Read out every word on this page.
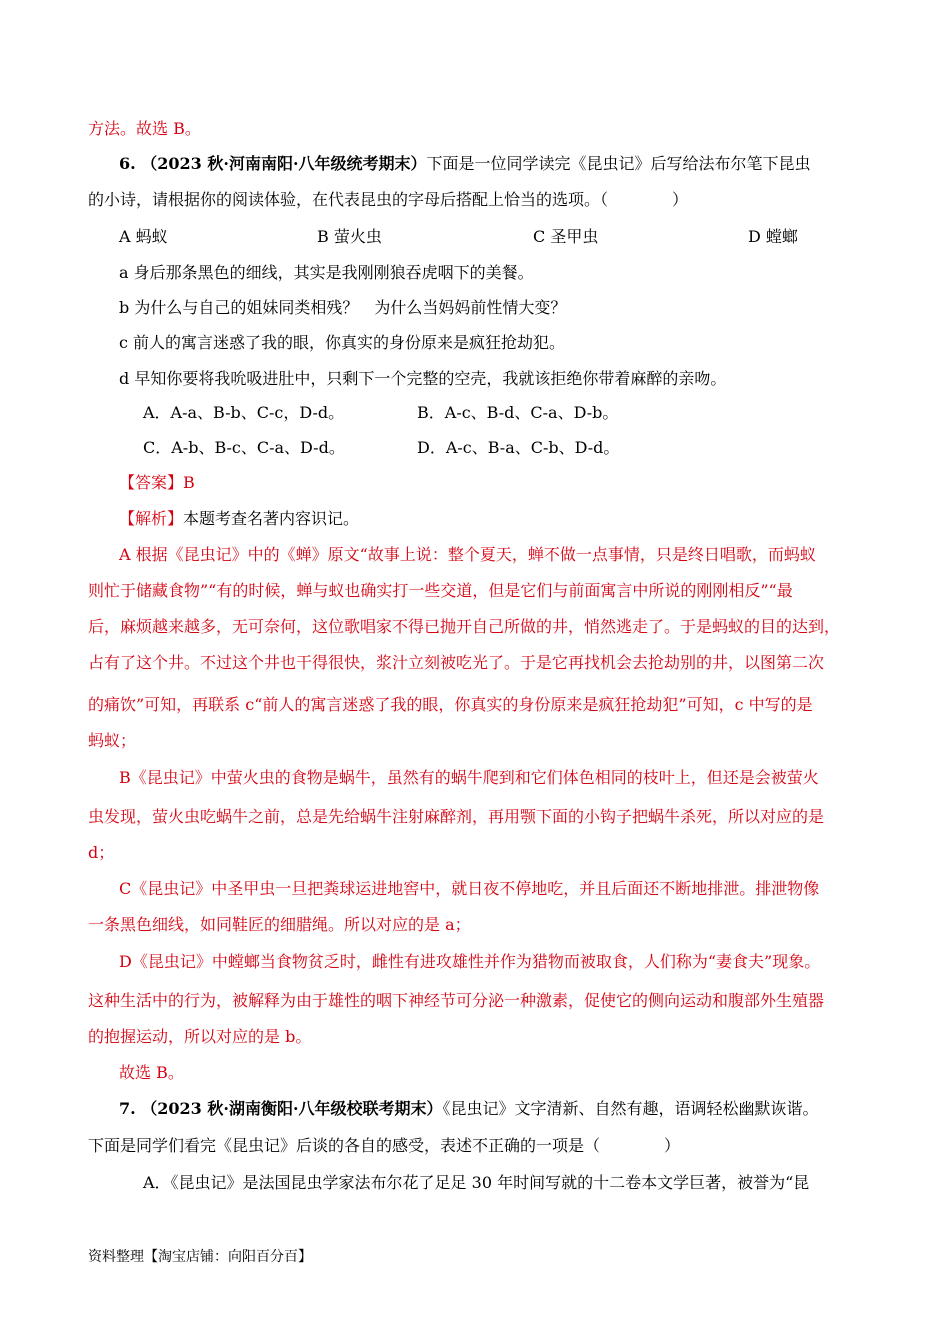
方法。故选 B。
6. （2023 秋·河南南阳·八年级统考期末）下面是一位同学读完《昆虫记》后写给法布尔笔下昆虫
的小诗，请根据你的阅读体验，在代表昆虫的字母后搭配上恰当的选项。（　　　　）
A 蚂蚁	B 萤火虫	C 圣甲虫	D 螳螂
a 身后那条黑色的细线，其实是我刚刚狼吞虎咽下的美餐。
b 为什么与自己的姐妹同类相残？　为什么当妈妈前性情大变？
c 前人的寓言迷惑了我的眼，你真实的身份原来是疯狂抢劫犯。
d 早知你要将我吮吸进肚中，只剩下一个完整的空壳，我就该拒绝你带着麻醉的亲吻。
A．A-a、B-b、C-c，D-d。	B．A-c、B-d、C-a、D-b。
C．A-b、B-c、C-a、D-d。	D．A-c、B-a、C-b、D-d。
【答案】B
【解析】本题考查名著内容识记。
A 根据《昆虫记》中的《蝉》原文“故事上说：整个夏天，蝉不做一点事情，只是终日唱歌，而蚂蚁
则忙于储藏食物”“有的时候，蝉与蚁也确实打一些交道，但是它们与前面寓言中所说的刚刚相反”“最
后，麻烦越来越多，无可奈何，这位歌唱家不得已抛开自己所做的井，悄然逃走了。于是蚂蚁的目的达到，
占有了这个井。不过这个井也干得很快，浆汁立刻被吃光了。于是它再找机会去抢劫别的井，以图第二次
的痛饮”可知，再联系 c“前人的寓言迷惑了我的眼，你真实的身份原来是疯狂抢劫犯”可知，c 中写的是
蚂蚁；
B《昆虫记》中萤火虫的食物是蜗牛，虽然有的蜗牛爬到和它们体色相同的枝叶上，但还是会被萤火
虫发现，萤火虫吃蜗牛之前，总是先给蜗牛注射麻醉剂，再用颚下面的小钩子把蜗牛杀死，所以对应的是
d；
C《昆虫记》中圣甲虫一旦把粪球运进地窖中，就日夜不停地吃，并且后面还不断地排泄。排泄物像
一条黑色细线，如同鞋匠的细腊绳。所以对应的是 a；
D《昆虫记》中螳螂当食物贫乏时，雌性有进攻雄性并作为猎物而被取食，人们称为“妻食夫”现象。
这种生活中的行为，被解释为由于雄性的咽下神经节可分泌一种激素，促使它的侧向运动和腹部外生殖器
的抱握运动，所以对应的是 b。
故选 B。
7. （2023 秋·湖南衡阳·八年级校联考期末）《昆虫记》文字清新、自然有趣，语调轻松幽默诙谐。
下面是同学们看完《昆虫记》后谈的各自的感受，表述不正确的一项是（　　　　）
A．《昆虫记》是法国昆虫学家法布尔花了足足 30 年时间写就的十二卷本文学巨著，被誉为“昆
资料整理【淘宝店铺：向阳百分百】
